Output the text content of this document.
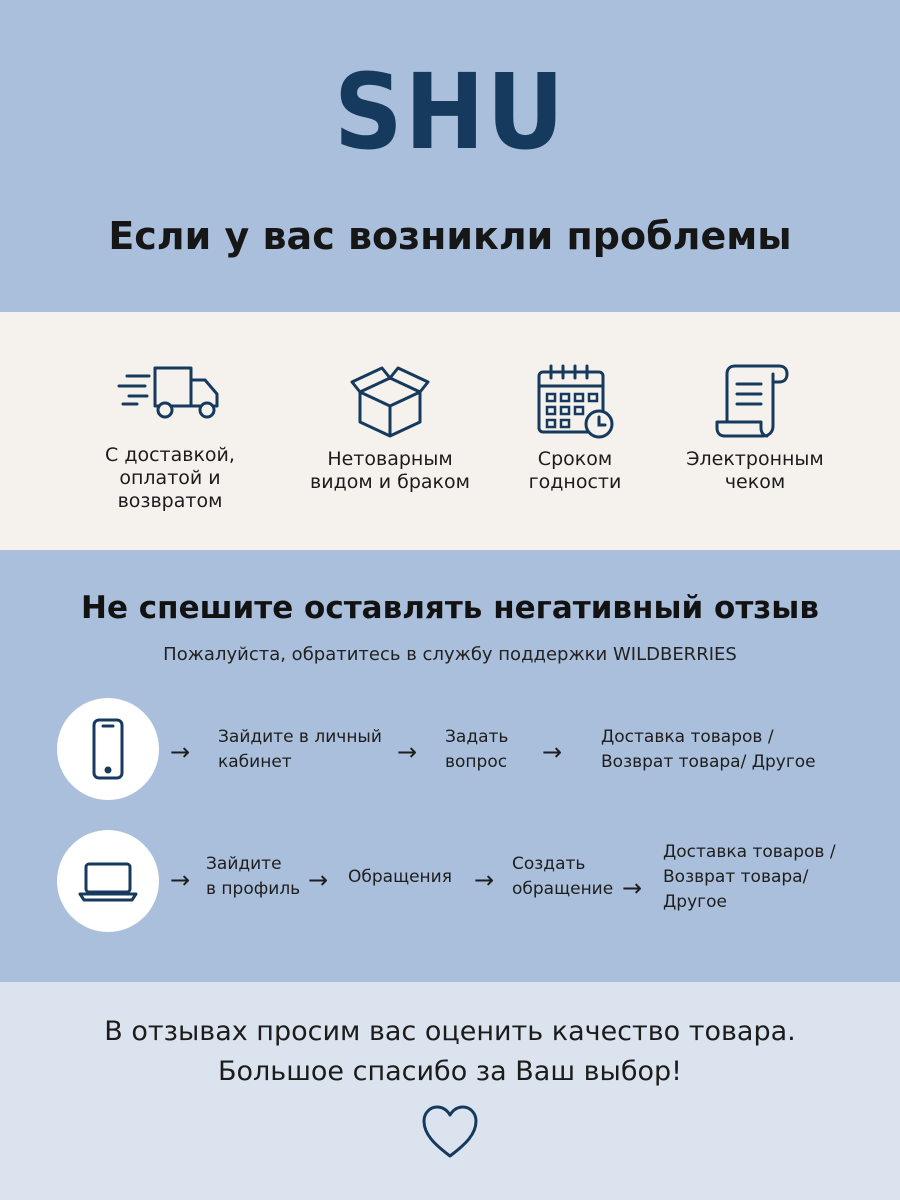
SHU
Если у вас возникли проблемы
С доставкой,
оплатой и возвратом
Нетоварным
видом и браком
Сроком
годности
Электронным
чеком
Не спешите оставлять негативный отзыв
Пожалуйста, обратитесь в службу поддержки WILDBERRIES
→
Зайдите в личный
кабинет	→
Задать
вопрос →
Доставка товаров /
Возврат товара/ Другое
→
Зайдите
в профиль → Обращения →
Создать
обращение →
Доставка товаров /
Возврат товара/
Другое
В отзывах просим вас оценить качество товара.
Большое спасибо за Ваш выбор!
